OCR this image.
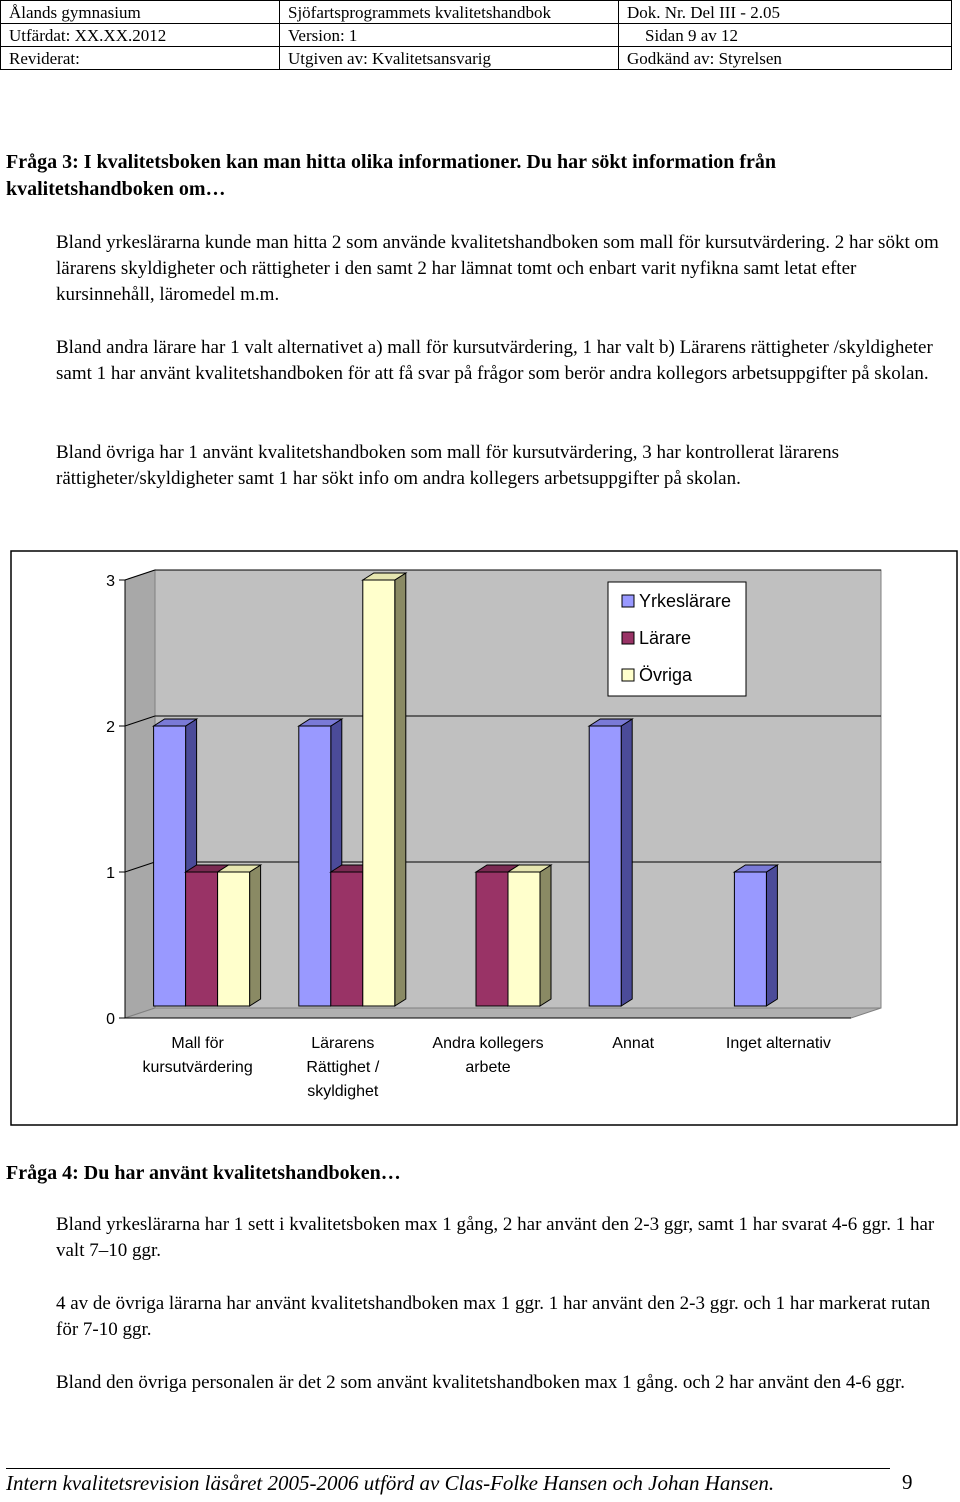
Ålands gymnasium	Sjöfartsprogrammets kvalitetshandbok	Dok. Nr. Del III - 2.05
Utfärdat: XX.XX.2012	Version: 1	Sidan 9 av 12
Reviderat:	Utgiven av: Kvalitetsansvarig	Godkänd av: Styrelsen
Fråga 3: I kvalitetsboken kan man hitta olika informationer. Du har sökt information från
kvalitetshandboken om…
Bland yrkeslärarna kunde man hitta 2 som använde kvalitetshandboken som mall för kursutvärdering. 2 har sökt om lärarens skyldigheter och rättigheter i den samt 2 har lämnat tomt och enbart varit nyfikna samt letat efter kursinnehåll, läromedel m.m.
Bland andra lärare har 1 valt alternativet a) mall för kursutvärdering, 1 har valt b) Lärarens rättigheter /skyldigheter samt 1 har använt kvalitetshandboken för att få svar på frågor som berör andra kollegors arbetsuppgifter på skolan.
Bland övriga har 1 använt kvalitetshandboken som mall för kursutvärdering, 3 har kontrollerat lärarens rättigheter/skyldigheter samt 1 har sökt info om andra kollegers arbetsuppgifter på skolan.
0
1
2
3
Mall för
kursutvärdering
Lärarens
Rättighet /
skyldighet
Andra kollegers
arbete
Annat	Inget alternativ
Yrkeslärare
Lärare
Övriga
Fråga 4: Du har använt kvalitetshandboken…
Bland yrkeslärarna har 1 sett i kvalitetsboken max 1 gång, 2 har använt den 2-3 ggr, samt 1 har svarat 4-6 ggr. 1 har valt 7–10 ggr.
4 av de övriga lärarna har använt kvalitetshandboken max 1 ggr. 1 har använt den 2-3 ggr. och 1 har markerat rutan för 7-10 ggr.
Bland den övriga personalen är det 2 som använt kvalitetshandboken max 1 gång. och 2 har använt den 4-6 ggr.
Intern kvalitetsrevision läsåret 2005-2006 utförd av Clas-Folke Hansen och Johan Hansen.	9
